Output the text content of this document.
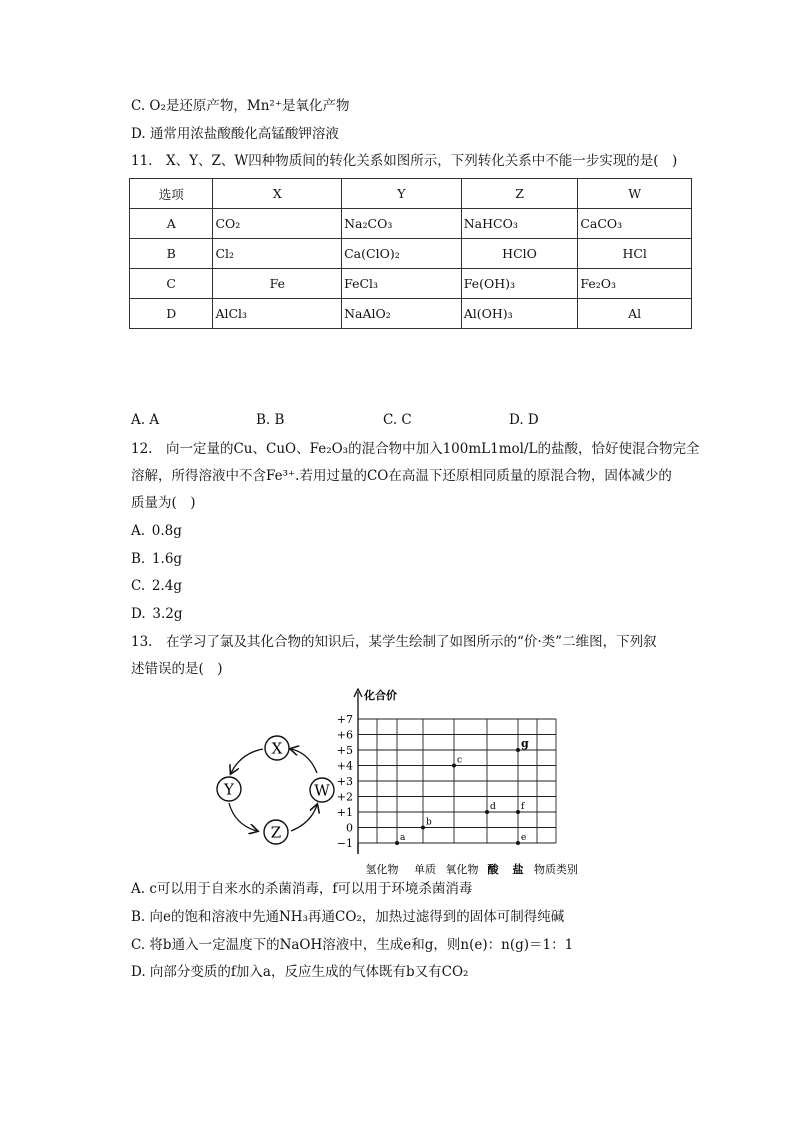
C. O₂是还原产物，Mn²⁺是氧化产物
D. 通常用浓盐酸酸化高锰酸钾溶液
11. X、Y、Z、W四种物质间的转化关系如图所示，下列转化关系中不能一步实现的是( )
选项	X	Y	Z	W
A	CO₂	Na₂CO₃	NaHCO₃	CaCO₃
B	Cl₂	Ca(ClO)₂	HClO	HCl
C	Fe	FeCl₃	Fe(OH)₃	Fe₂O₃
D	AlCl₃	NaAlO₂	Al(OH)₃	Al
A. A	B. B	C. C	D. D
12. 向一定量的Cu、CuO、Fe₂O₃的混合物中加入100mL1mol/L的盐酸，恰好使混合物完全
溶解，所得溶液中不含Fe³⁺.若用过量的CO在高温下还原相同质量的原混合物，固体减少的
质量为( )
A. 0.8g
B. 1.6g
C. 2.4g
D. 3.2g
13. 在学习了氯及其化合物的知识后，某学生绘制了如图所示的“价·类”二维图，下列叙
述错误的是( )
X
Y
Z
W
化合价
+7
+6
+5
+4
+3
+2
+1
0
−1
氢化物 单质 氧化物 酸 盐
a
b
c
d
e
f
g
物质类别
A. c可以用于自来水的杀菌消毒，f可以用于环境杀菌消毒
B. 向e的饱和溶液中先通NH₃再通CO₂，加热过滤得到的固体可制得纯碱
C. 将b通入一定温度下的NaOH溶液中，生成e和g，则n(e)：n(g)＝1：1
D. 向部分变质的f加入a，反应生成的气体既有b又有CO₂
